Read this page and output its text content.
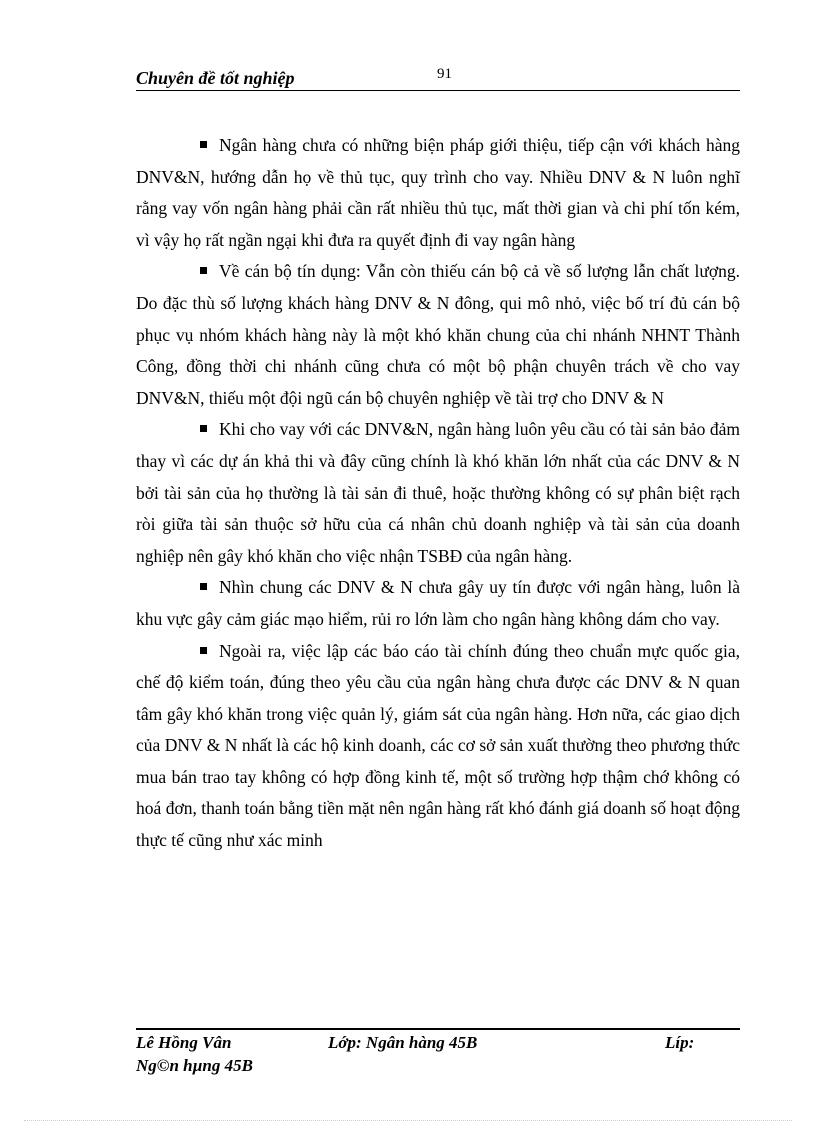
Chuyên đề tốt nghiệp	91

Ngân hàng chưa có những biện pháp giới thiệu, tiếp cận với khách hàng DNV&N, hướng dẫn họ về thủ tục, quy trình cho vay. Nhiều DNV & N luôn nghĩ rằng vay vốn ngân hàng phải cần rất nhiều thủ tục, mất thời gian và chi phí tốn kém, vì vậy họ rất ngần ngại khi đưa ra quyết định đi vay ngân hàng

Về cán bộ tín dụng: Vẫn còn thiếu cán bộ cả về số lượng lẫn chất lượng. Do đặc thù số lượng khách hàng DNV & N đông, qui mô nhỏ, việc bố trí đủ cán bộ phục vụ nhóm khách hàng này là một khó khăn chung của chi nhánh NHNT Thành Công, đồng thời chi nhánh cũng chưa có một bộ phận chuyên trách về cho vay DNV&N, thiếu một đội ngũ cán bộ chuyên nghiệp về tài trợ cho DNV & N

Khi cho vay với các DNV&N, ngân hàng luôn yêu cầu có tài sản bảo đảm thay vì các dự án khả thi và đây cũng chính là khó khăn lớn nhất của các DNV & N bởi tài sản của họ thường là tài sản đi thuê, hoặc thường không có sự phân biệt rạch ròi giữa tài sản thuộc sở hữu của cá nhân chủ doanh nghiệp và tài sản của doanh nghiệp nên gây khó khăn cho việc nhận TSBĐ của ngân hàng.

Nhìn chung các DNV & N chưa gây uy tín được với ngân hàng, luôn là khu vực gây cảm giác mạo hiểm, rủi ro lớn làm cho ngân hàng không dám cho vay.

Ngoài ra, việc lập các báo cáo tài chính đúng theo chuẩn mực quốc gia, chế độ kiểm toán, đúng theo yêu cầu của ngân hàng chưa được các DNV & N quan tâm gây khó khăn trong việc quản lý, giám sát của ngân hàng. Hơn nữa, các giao dịch của DNV & N nhất là các hộ kinh doanh, các cơ sở sản xuất thường theo phương thức mua bán trao tay không có hợp đồng kinh tế, một số trường hợp thậm chớ không có hoá đơn, thanh toán bằng tiền mặt nên ngân hàng rất khó đánh giá doanh số hoạt động thực tế cũng như xác minh

Lê Hồng Vân	Lớp: Ngân hàng 45B	Líp:
Ng©n hµng 45B
